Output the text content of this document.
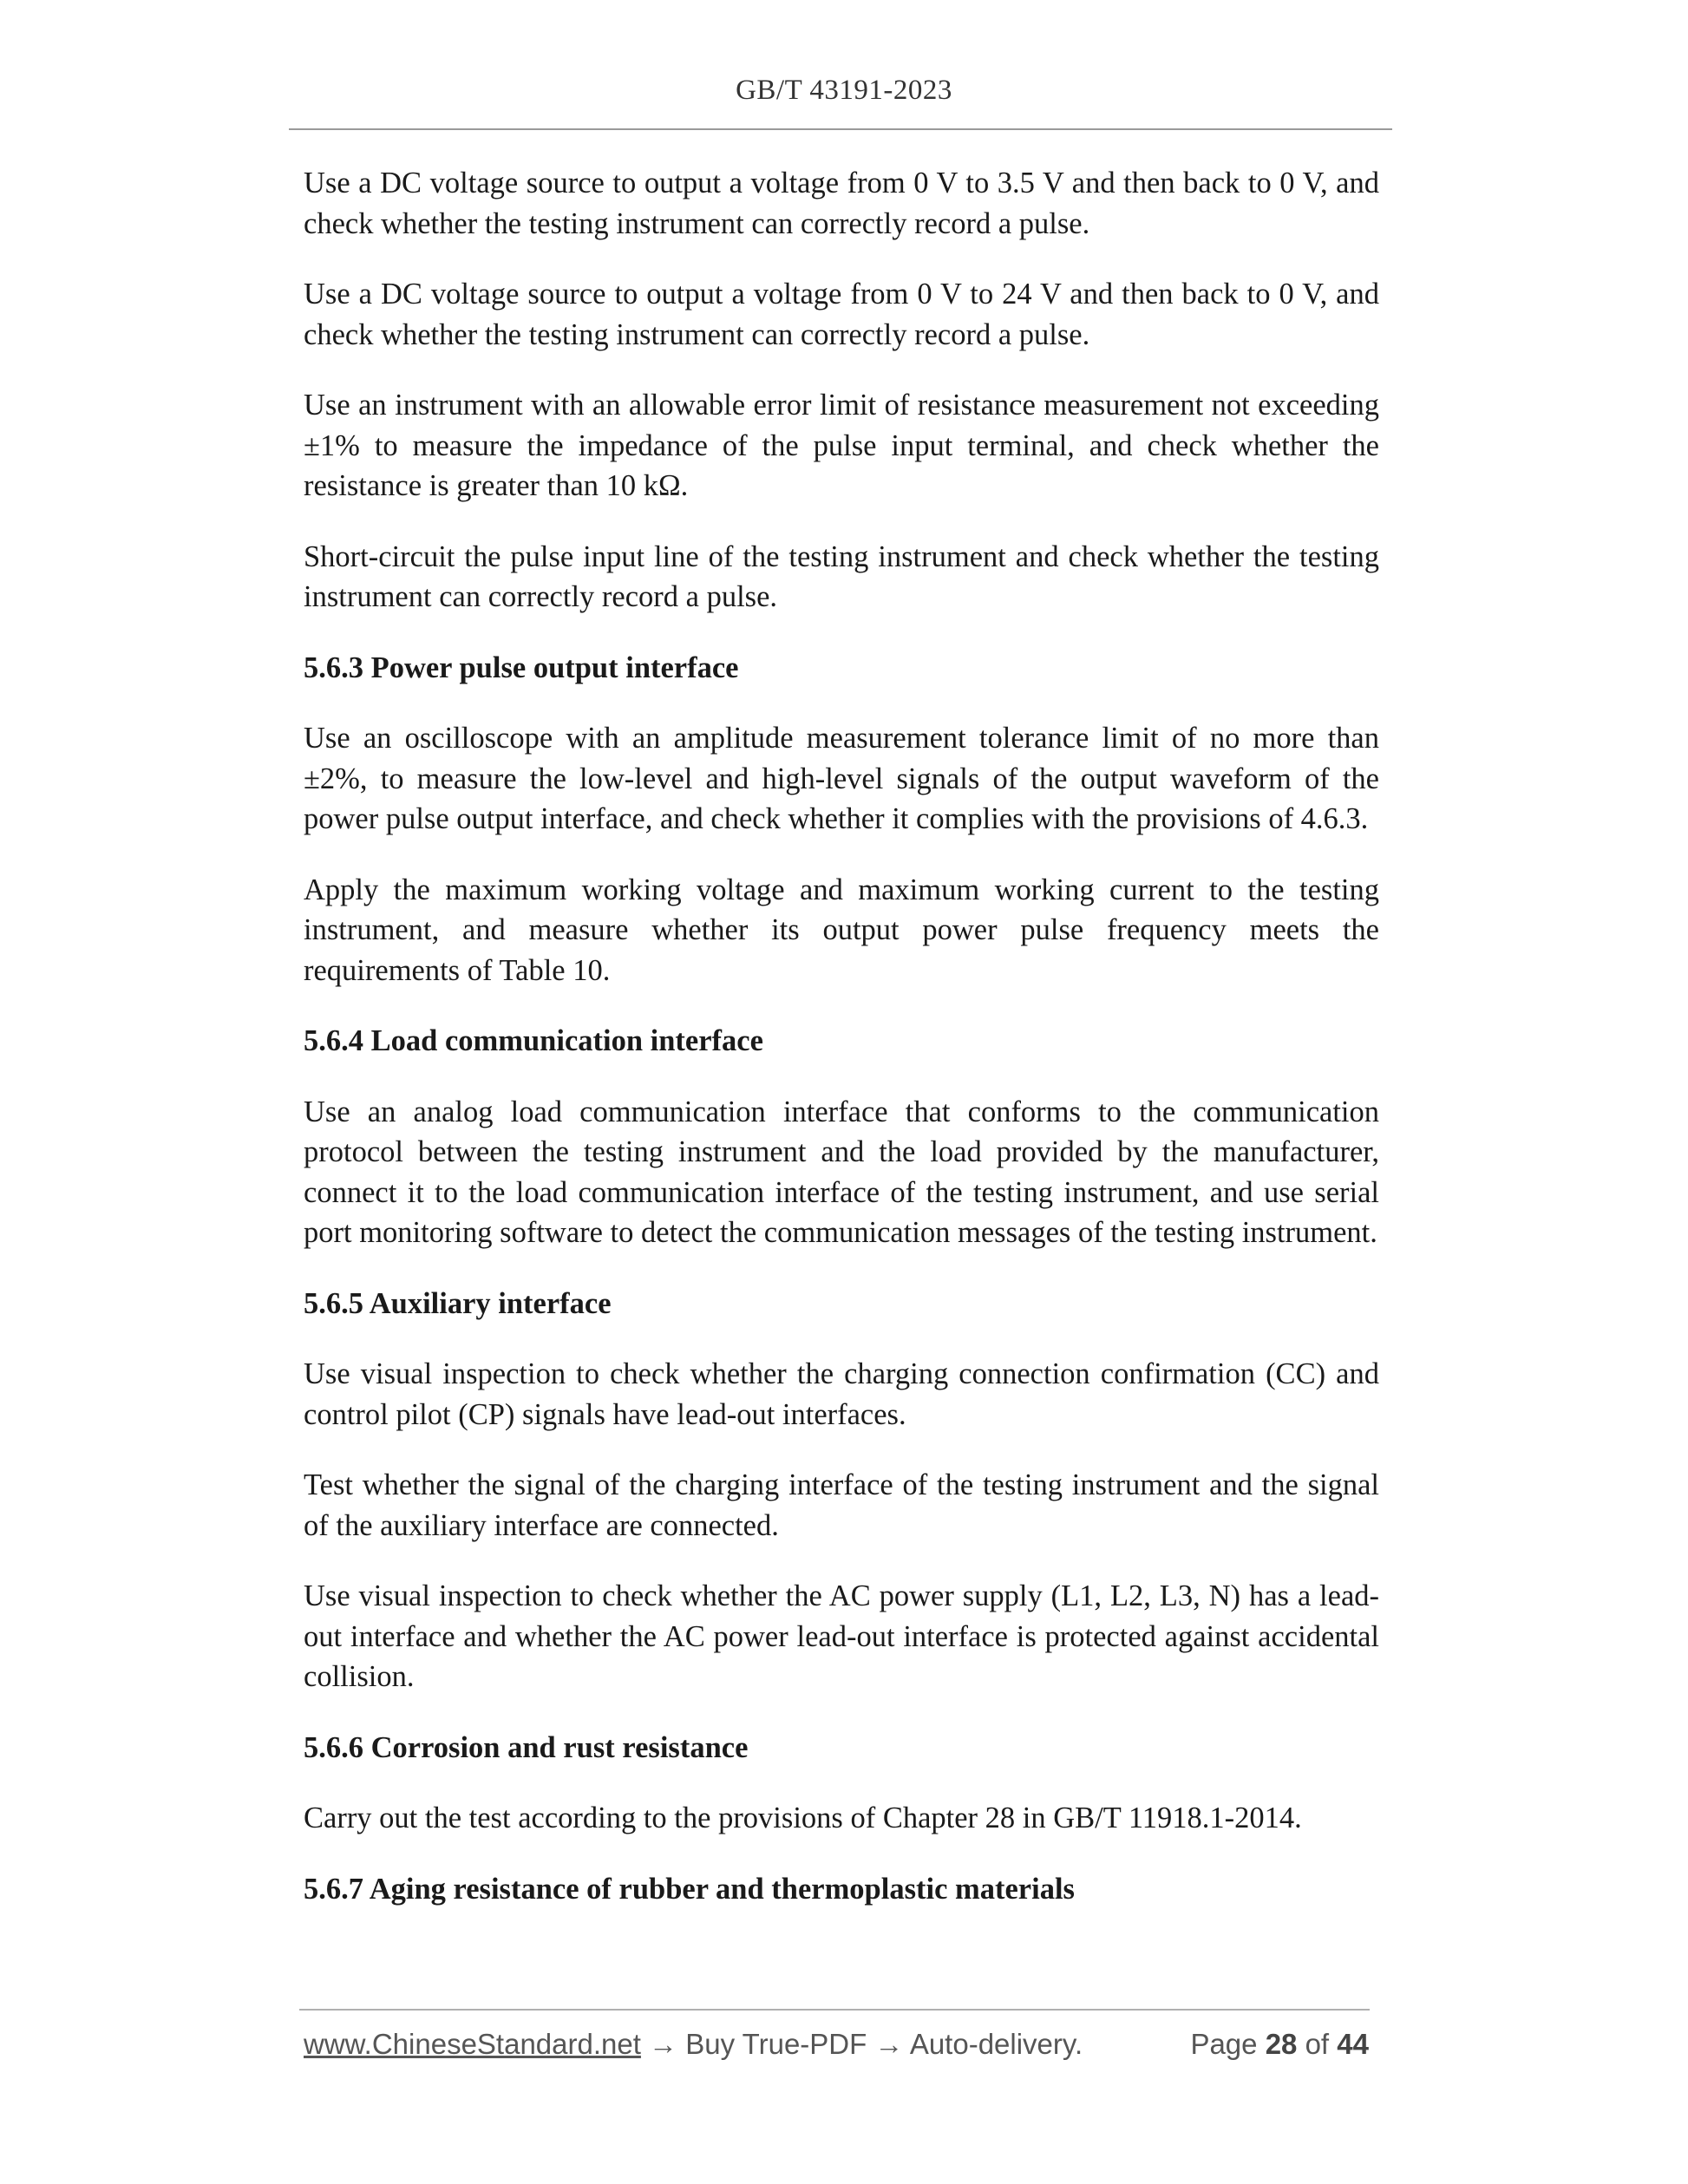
GB/T 43191-2023

Use a DC voltage source to output a voltage from 0 V to 3.5 V and then back to 0 V, and check whether the testing instrument can correctly record a pulse.

Use a DC voltage source to output a voltage from 0 V to 24 V and then back to 0 V, and check whether the testing instrument can correctly record a pulse.

Use an instrument with an allowable error limit of resistance measurement not exceeding ±1% to measure the impedance of the pulse input terminal, and check whether the resistance is greater than 10 kΩ.

Short-circuit the pulse input line of the testing instrument and check whether the testing instrument can correctly record a pulse.

5.6.3 Power pulse output interface

Use an oscilloscope with an amplitude measurement tolerance limit of no more than ±2%, to measure the low-level and high-level signals of the output waveform of the power pulse output interface, and check whether it complies with the provisions of 4.6.3.

Apply the maximum working voltage and maximum working current to the testing instrument, and measure whether its output power pulse frequency meets the requirements of Table 10.

5.6.4 Load communication interface

Use an analog load communication interface that conforms to the communication protocol between the testing instrument and the load provided by the manufacturer, connect it to the load communication interface of the testing instrument, and use serial port monitoring software to detect the communication messages of the testing instrument.

5.6.5 Auxiliary interface

Use visual inspection to check whether the charging connection confirmation (CC) and control pilot (CP) signals have lead-out interfaces.

Test whether the signal of the charging interface of the testing instrument and the signal of the auxiliary interface are connected.

Use visual inspection to check whether the AC power supply (L1, L2, L3, N) has a lead-out interface and whether the AC power lead-out interface is protected against accidental collision.

5.6.6 Corrosion and rust resistance

Carry out the test according to the provisions of Chapter 28 in GB/T 11918.1-2014.

5.6.7 Aging resistance of rubber and thermoplastic materials

www.ChineseStandard.net → Buy True-PDF → Auto-delivery.	Page 28 of 44
